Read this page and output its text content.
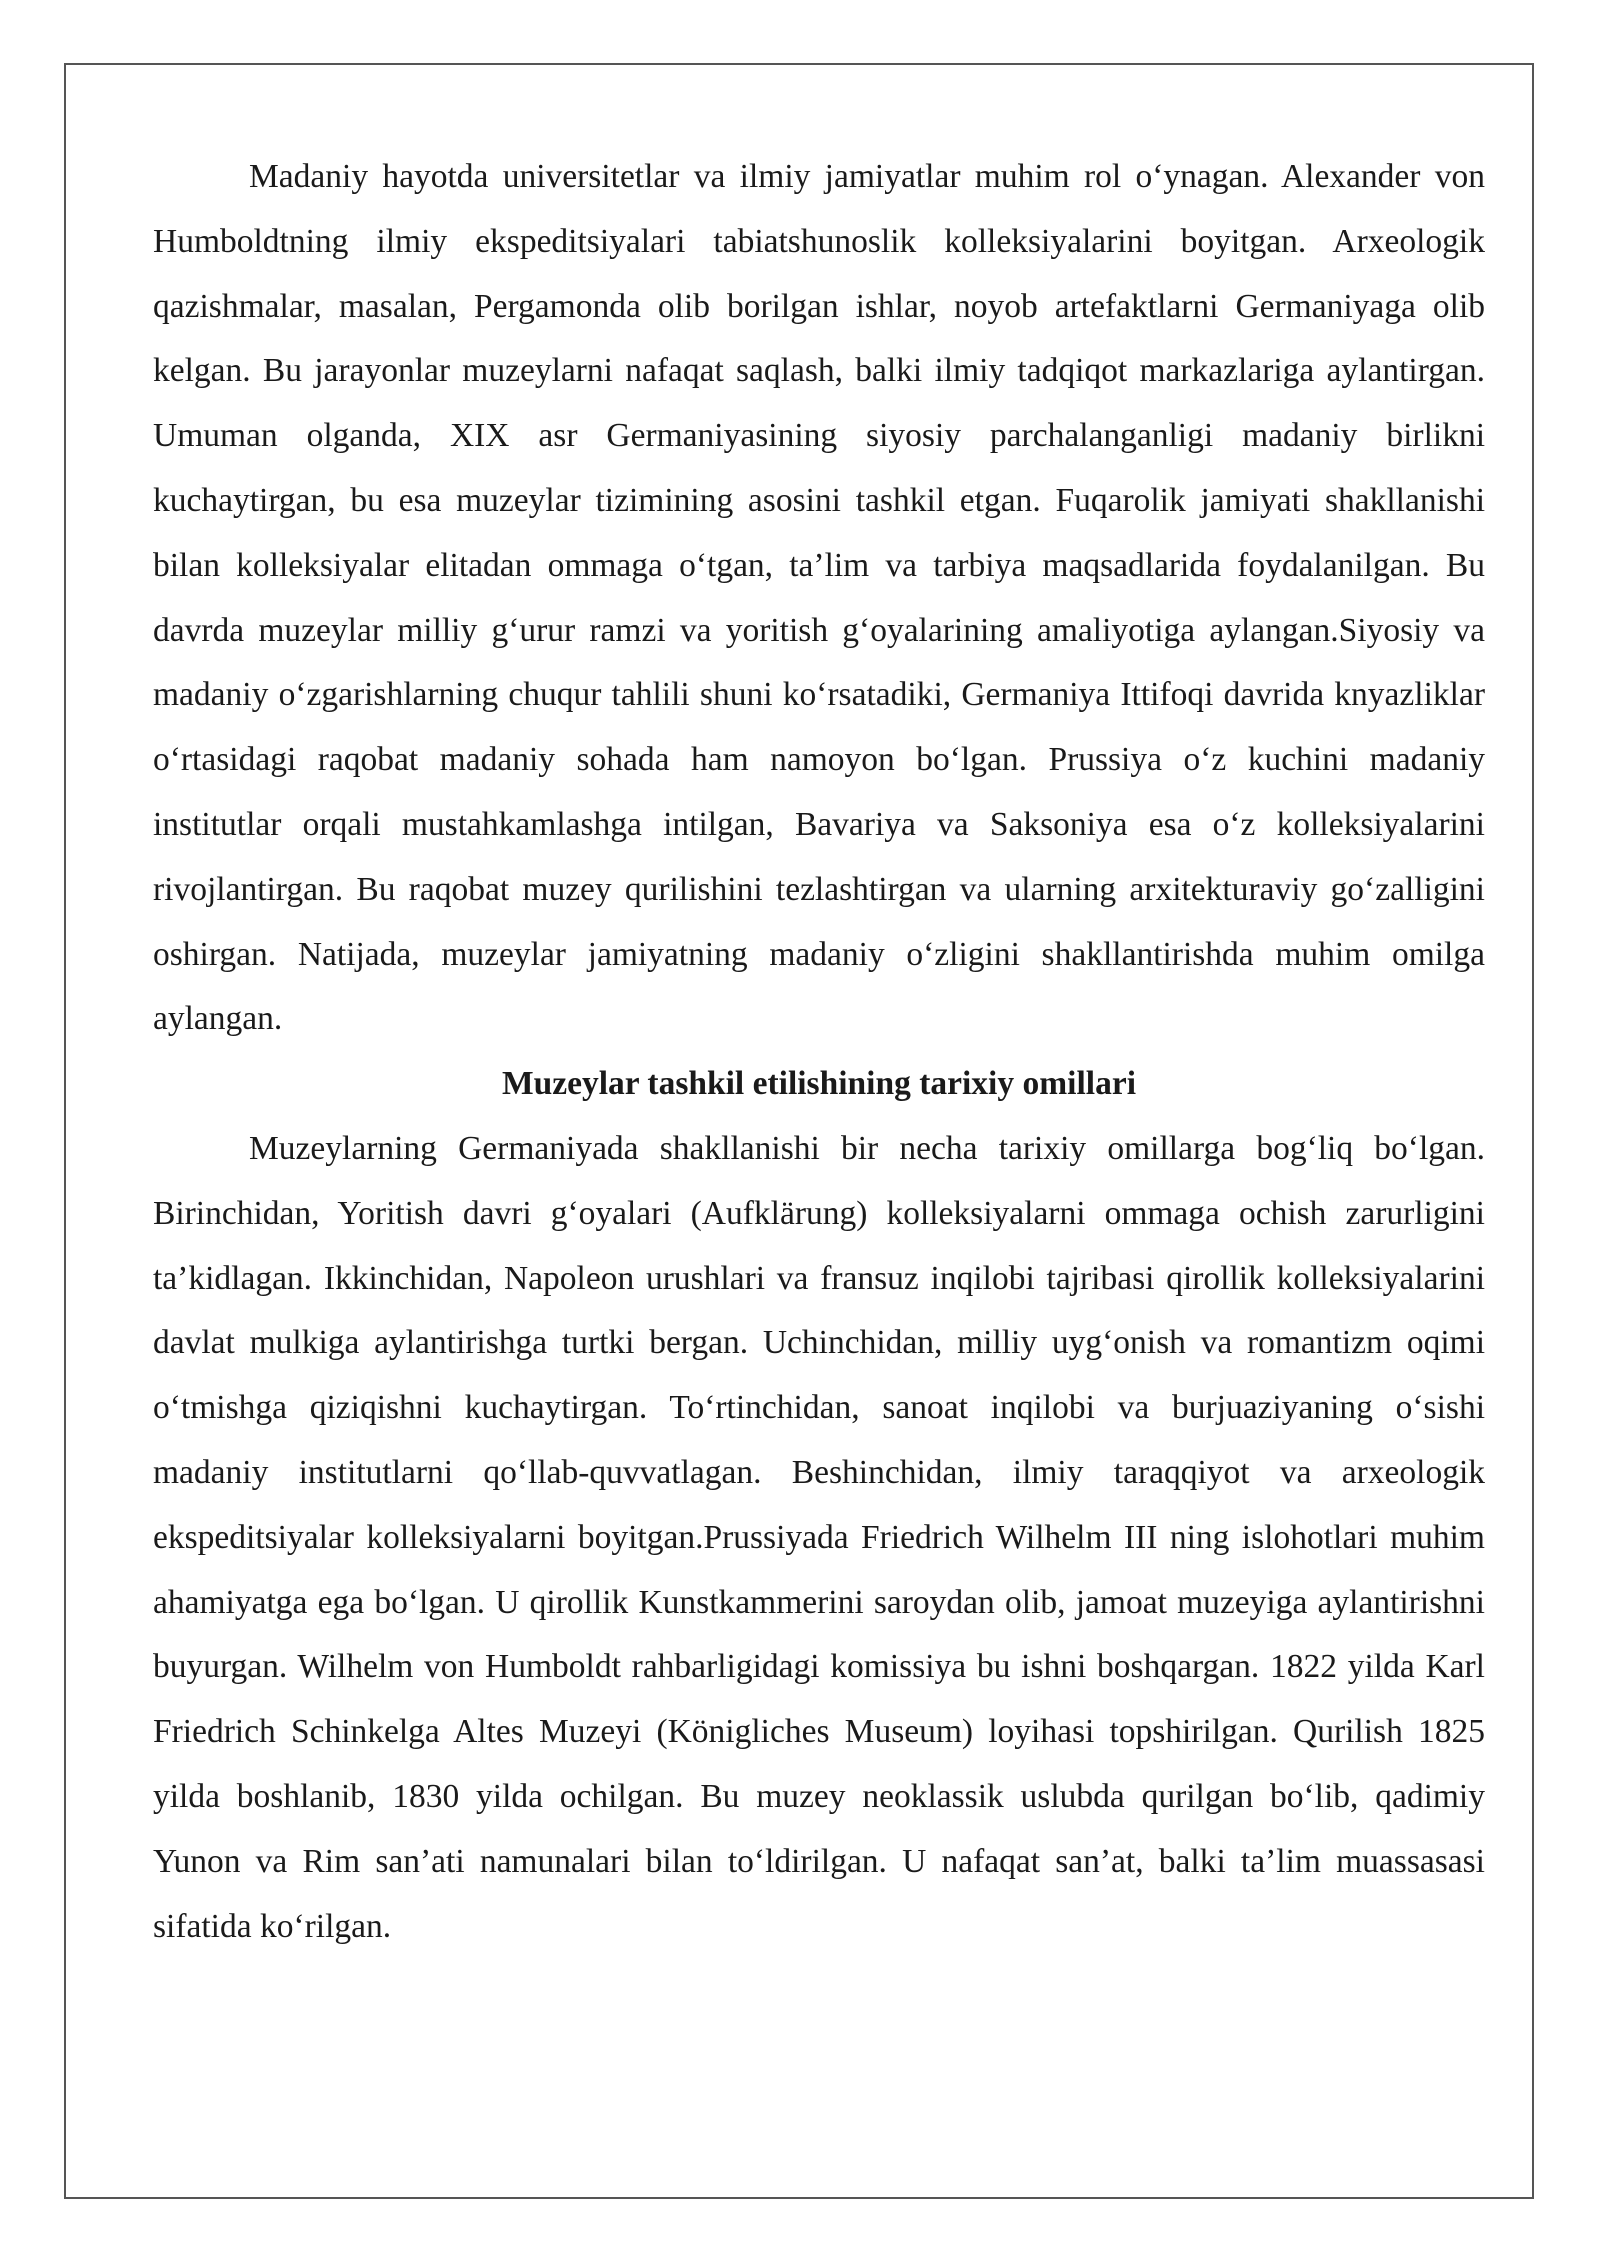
Madaniy hayotda universitetlar va ilmiy jamiyatlar muhim rol o‘ynagan. Alexander von Humboldtning ilmiy ekspeditsiyalari tabiatshunoslik kolleksiyalarini boyitgan. Arxeologik qazishmalar, masalan, Pergamonda olib borilgan ishlar, noyob artefaktlarni Germaniyaga olib kelgan. Bu jarayonlar muzeylarni nafaqat saqlash, balki ilmiy tadqiqot markazlariga aylantirgan. Umuman olganda, XIX asr Germaniyasining siyosiy parchalanganligi madaniy birlikni kuchaytirgan, bu esa muzeylar tizimining asosini tashkil etgan. Fuqarolik jamiyati shakllanishi bilan kolleksiyalar elitadan ommaga o‘tgan, ta’lim va tarbiya maqsadlarida foydalanilgan. Bu davrda muzeylar milliy g‘urur ramzi va yoritish g‘oyalarining amaliyotiga aylangan.Siyosiy va madaniy o‘zgarishlarning chuqur tahlili shuni ko‘rsatadiki, Germaniya Ittifoqi davrida knyazliklar o‘rtasidagi raqobat madaniy sohada ham namoyon bo‘lgan. Prussiya o‘z kuchini madaniy institutlar orqali mustahkamlashga intilgan, Bavariya va Saksoniya esa o‘z kolleksiyalarini rivojlantirgan. Bu raqobat muzey qurilishini tezlashtirgan va ularning arxitekturaviy go‘zalligini oshirgan. Natijada, muzeylar jamiyatning madaniy o‘zligini shakllantirishda muhim omilga aylangan.

Muzeylar tashkil etilishining tarixiy omillari

Muzeylarning Germaniyada shakllanishi bir necha tarixiy omillarga bog‘liq bo‘lgan. Birinchidan, Yoritish davri g‘oyalari (Aufklärung) kolleksiyalarni ommaga ochish zarurligini ta’kidlagan. Ikkinchidan, Napoleon urushlari va fransuz inqilobi tajribasi qirollik kolleksiyalarini davlat mulkiga aylantirishga turtki bergan. Uchinchidan, milliy uyg‘onish va romantizm oqimi o‘tmishga qiziqishni kuchaytirgan. To‘rtinchidan, sanoat inqilobi va burjuaziyaning o‘sishi madaniy institutlarni qo‘llab-quvvatlagan. Beshinchidan, ilmiy taraqqiyot va arxeologik ekspeditsiyalar kolleksiyalarni boyitgan.Prussiyada Friedrich Wilhelm III ning islohotlari muhim ahamiyatga ega bo‘lgan. U qirollik Kunstkammerini saroydan olib, jamoat muzeyiga aylantirishni buyurgan. Wilhelm von Humboldt rahbarligidagi komissiya bu ishni boshqargan. 1822 yilda Karl Friedrich Schinkelga Altes Muzeyi (Königliches Museum) loyihasi topshirilgan. Qurilish 1825 yilda boshlanib, 1830 yilda ochilgan. Bu muzey neoklassik uslubda qurilgan bo‘lib, qadimiy Yunon va Rim san’ati namunalari bilan to‘ldirilgan. U nafaqat san’at, balki ta’lim muassasasi sifatida ko‘rilgan.
